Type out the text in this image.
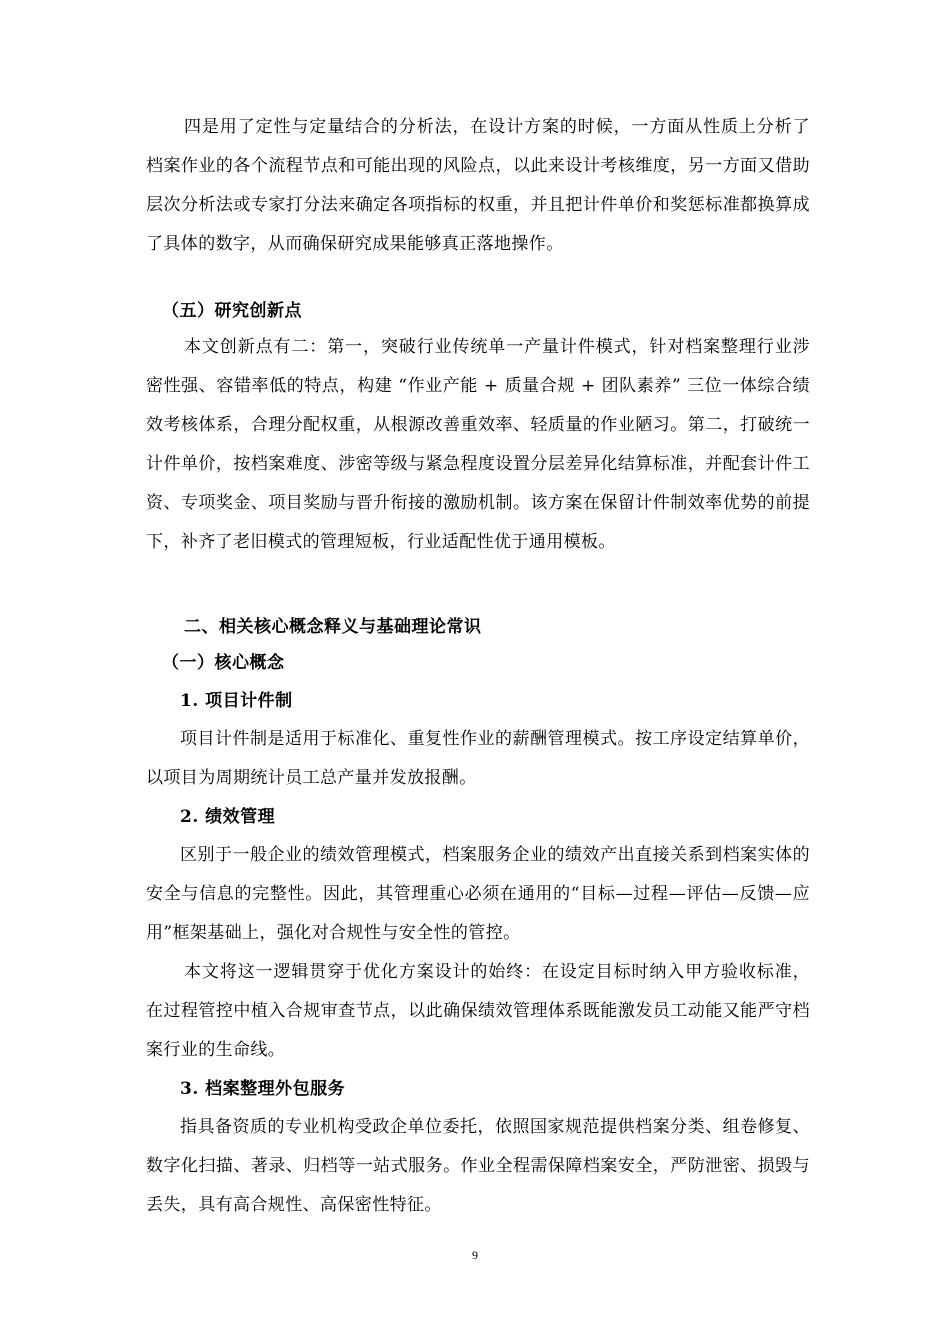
四是用了定性与定量结合的分析法，在设计方案的时候，一方面从性质上分析了档案作业的各个流程节点和可能出现的风险点，以此来设计考核维度，另一方面又借助层次分析法或专家打分法来确定各项指标的权重，并且把计件单价和奖惩标准都换算成了具体的数字，从而确保研究成果能够真正落地操作。

（五）研究创新点

本文创新点有二：第一，突破行业传统单一产量计件模式，针对档案整理行业涉密性强、容错率低的特点，构建 “作业产能 + 质量合规 + 团队素养” 三位一体综合绩效考核体系，合理分配权重，从根源改善重效率、轻质量的作业陋习。第二，打破统一计件单价，按档案难度、涉密等级与紧急程度设置分层差异化结算标准，并配套计件工资、专项奖金、项目奖励与晋升衔接的激励机制。该方案在保留计件制效率优势的前提下，补齐了老旧模式的管理短板，行业适配性优于通用模板。

二、相关核心概念释义与基础理论常识
（一）核心概念
1. 项目计件制

项目计件制是适用于标准化、重复性作业的薪酬管理模式。按工序设定结算单价，以项目为周期统计员工总产量并发放报酬。

2. 绩效管理

区别于一般企业的绩效管理模式，档案服务企业的绩效产出直接关系到档案实体的安全与信息的完整性。因此，其管理重心必须在通用的“目标—过程—评估—反馈—应用”框架基础上，强化对合规性与安全性的管控。

本文将这一逻辑贯穿于优化方案设计的始终：在设定目标时纳入甲方验收标准，在过程管控中植入合规审查节点，以此确保绩效管理体系既能激发员工动能又能严守档案行业的生命线。

3. 档案整理外包服务

指具备资质的专业机构受政企单位委托，依照国家规范提供档案分类、组卷修复、数字化扫描、著录、归档等一站式服务。作业全程需保障档案安全，严防泄密、损毁与丢失，具有高合规性、高保密性特征。

9
